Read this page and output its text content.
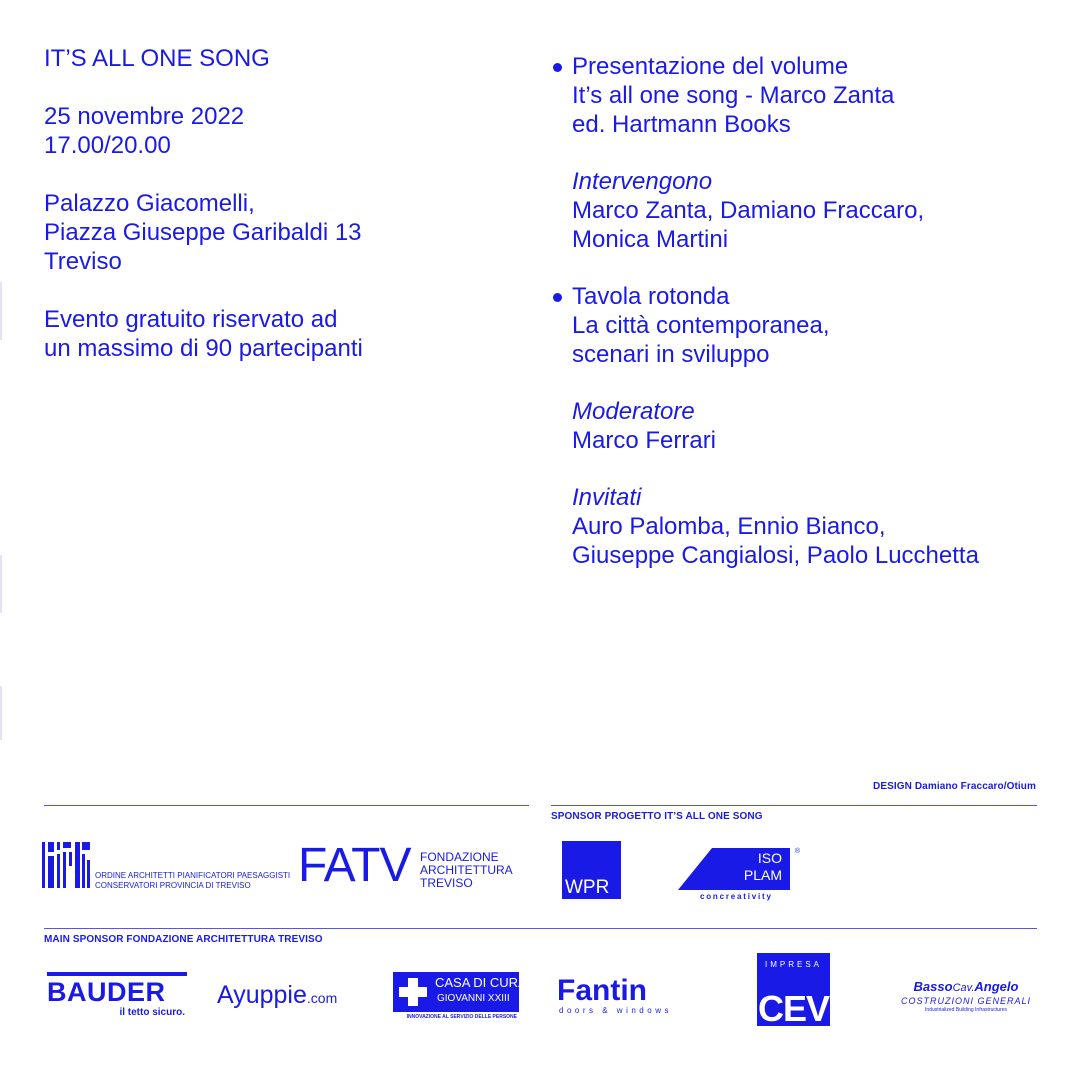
IT’S ALL ONE SONG
25 novembre 2022
17.00/20.00
Palazzo Giacomelli,
Piazza Giuseppe Garibaldi 13
Treviso
Evento gratuito riservato ad
un massimo di 90 partecipanti
Presentazione del volume
It’s all one song - Marco Zanta
ed. Hartmann Books
Intervengono
Marco Zanta, Damiano Fraccaro,
Monica Martini
Tavola rotonda
La città contemporanea,
scenari in sviluppo
Moderatore
Marco Ferrari
Invitati
Auro Palomba, Ennio Bianco,
Giuseppe Cangialosi, Paolo Lucchetta
DESIGN Damiano Fraccaro/Otium
SPONSOR PROGETTO IT’S ALL ONE SONG
MAIN SPONSOR FONDAZIONE ARCHITETTURA TREVISO
ORDINE ARCHITETTI PIANIFICATORI PAESAGGISTI
CONSERVATORI PROVINCIA DI TREVISO FATV FONDAZIONE
ARCHITETTURA
TREVISO	WPR
ISO
PLAM
®
concreativity
BAUDER
il tetto sicuro.
Ayuppie.com
CASA DI CURA
GIOVANNI XXIII
INNOVAZIONE AL SERVIZIO DELLE PERSONE
Fantin
doors & windows
IMPRESA
CEV
BassoCav.Angelo
COSTRUZIONI GENERALI
Industrialized Building Infrastructures
